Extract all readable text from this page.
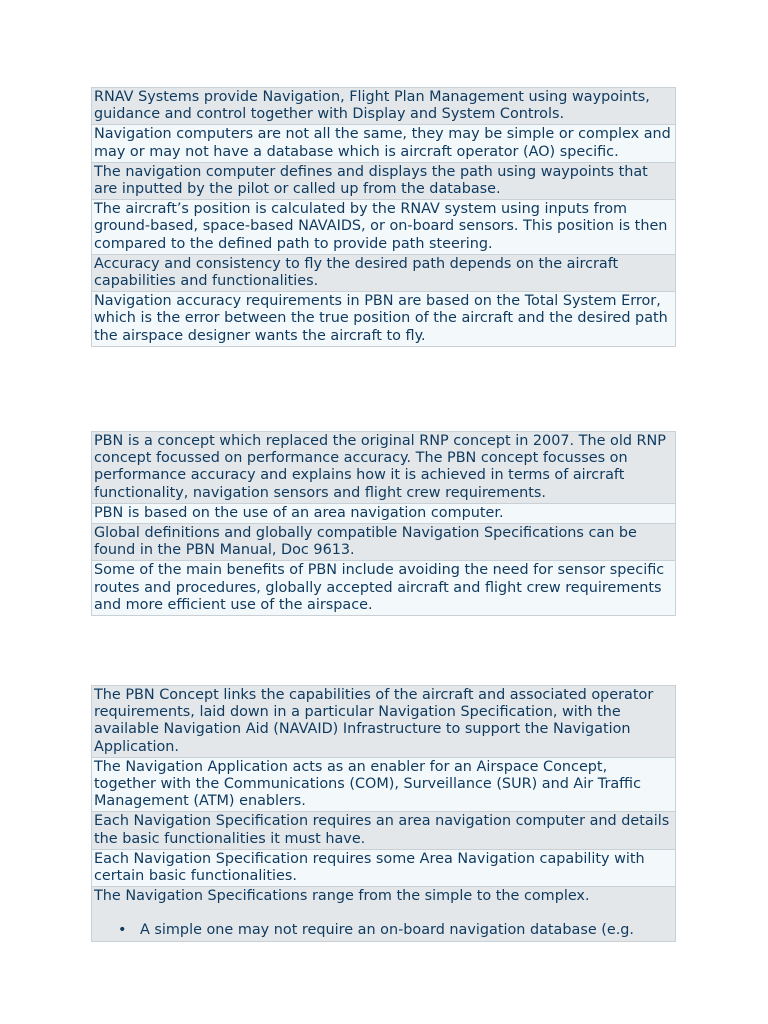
RNAV Systems provide Navigation, Flight Plan Management using waypoints, guidance and control together with Display and System Controls.
Navigation computers are not all the same, they may be simple or complex and may or may not have a database which is aircraft operator (AO) specific.
The navigation computer defines and displays the path using waypoints that are inputted by the pilot or called up from the database.
The aircraft’s position is calculated by the RNAV system using inputs from ground-based, space-based NAVAIDS, or on-board sensors. This position is then compared to the defined path to provide path steering.
Accuracy and consistency to fly the desired path depends on the aircraft capabilities and functionalities.
Navigation accuracy requirements in PBN are based on the Total System Error, which is the error between the true position of the aircraft and the desired path the airspace designer wants the aircraft to fly.
PBN is a concept which replaced the original RNP concept in 2007. The old RNP concept focussed on performance accuracy. The PBN concept focusses on performance accuracy and explains how it is achieved in terms of aircraft functionality, navigation sensors and flight crew requirements.
PBN is based on the use of an area navigation computer.
Global definitions and globally compatible Navigation Specifications can be found in the PBN Manual, Doc 9613.
Some of the main benefits of PBN include avoiding the need for sensor specific routes and procedures, globally accepted aircraft and flight crew requirements and more efficient use of the airspace.
The PBN Concept links the capabilities of the aircraft and associated operator requirements, laid down in a particular Navigation Specification, with the available Navigation Aid (NAVAID) Infrastructure to support the Navigation Application.
The Navigation Application acts as an enabler for an Airspace Concept, together with the Communications (COM), Surveillance (SUR) and Air Traffic Management (ATM) enablers.
Each Navigation Specification requires an area navigation computer and details the basic functionalities it must have.
Each Navigation Specification requires some Area Navigation capability with certain basic functionalities.

The Navigation Specifications range from the simple to the complex.
• A simple one may not require an on-board navigation database (e.g.
